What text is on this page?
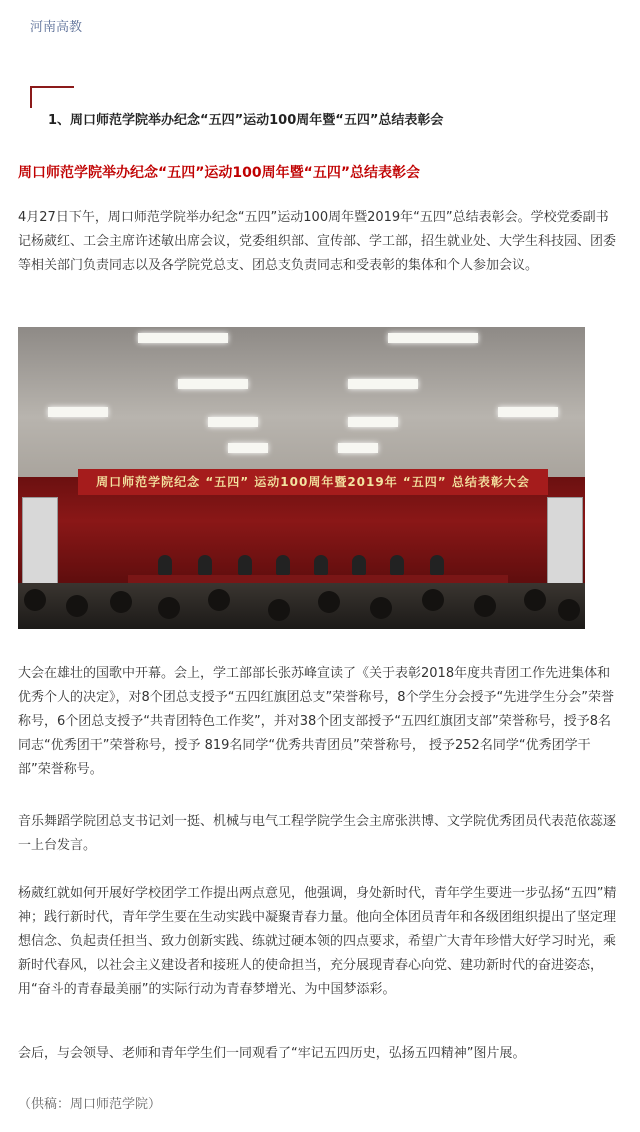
河南高教
1、周口师范学院举办纪念“五四”运动100周年暨“五四”总结表彰会
周口师范学院举办纪念“五四”运动100周年暨“五四”总结表彰会

4月27日下午，周口师范学院举办纪念“五四”运动100周年暨2019年“五四”总结表彰会。学校党委副书记杨葳红、工会主席许述敏出席会议，党委组织部、宣传部、学工部，招生就业处、大学生科技园、团委等相关部门负责同志以及各学院党总支、团总支负责同志和受表彰的集体和个人参加会议。

周口师范学院纪念 “五四” 运动100周年暨2019年 “五四” 总结表彰大会

大会在雄壮的国歌中开幕。会上，学工部部长张苏峰宣读了《关于表彰2018年度共青团工作先进集体和优秀个人的决定》，对8个团总支授予“五四红旗团总支”荣誉称号，8个学生分会授予“先进学生分会”荣誉称号，6个团总支授予“共青团特色工作奖”，并对38个团支部授予“五四红旗团支部”荣誉称号，授予8名同志“优秀团干”荣誉称号，授予 819名同学“优秀共青团员”荣誉称号， 授予252名同学“优秀团学干部”荣誉称号。

音乐舞蹈学院团总支书记刘一挺、机械与电气工程学院学生会主席张洪博、文学院优秀团员代表范依蕊逐一上台发言。

杨葳红就如何开展好学校团学工作提出两点意见，他强调，身处新时代，青年学生要进一步弘扬“五四”精神；践行新时代，青年学生要在生动实践中凝聚青春力量。他向全体团员青年和各级团组织提出了坚定理想信念、负起责任担当、致力创新实践、练就过硬本领的四点要求，希望广大青年珍惜大好学习时光，乘新时代春风，以社会主义建设者和接班人的使命担当，充分展现青春心向党、建功新时代的奋进姿态，用“奋斗的青春最美丽”的实际行动为青春梦增光、为中国梦添彩。

会后，与会领导、老师和青年学生们一同观看了“牢记五四历史，弘扬五四精神”图片展。

（供稿：周口师范学院）
